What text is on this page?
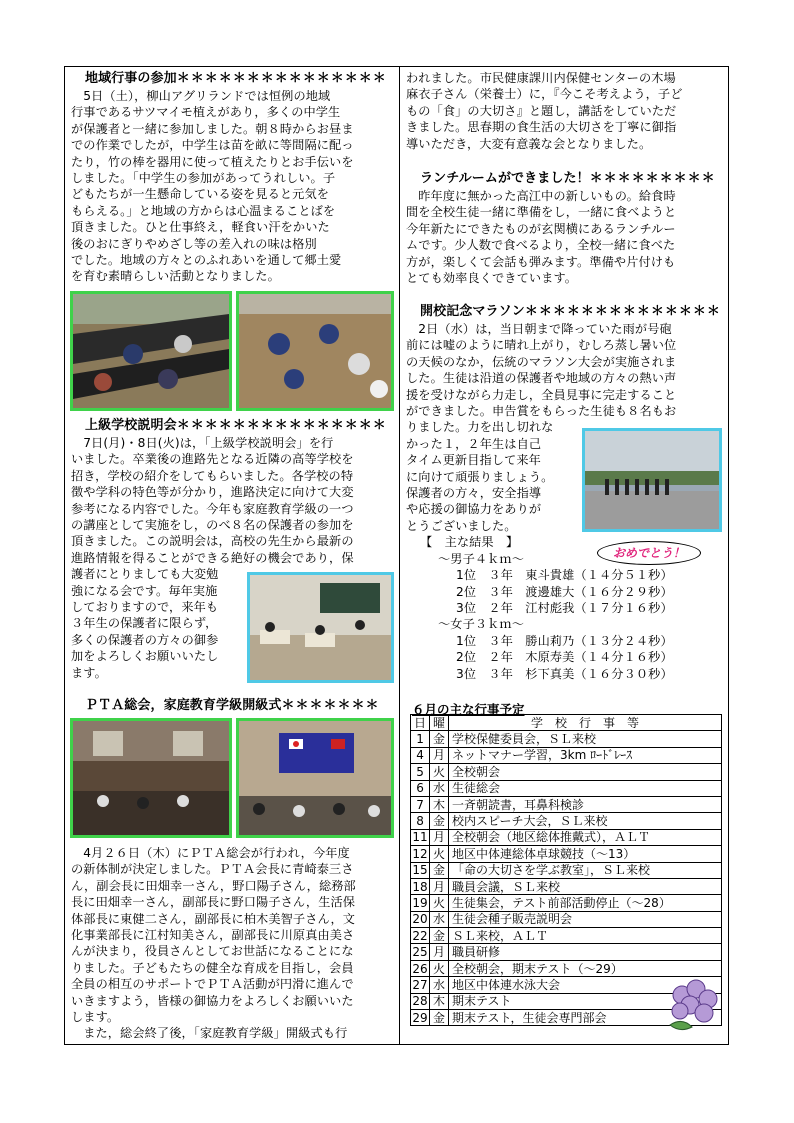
地域行事の参加＊＊＊＊＊＊＊＊＊＊＊＊＊＊＊

5日（土），柳山アグリランドでは恒例の地域

行事であるサツマイモ植えがあり，多くの中学生

が保護者と一緒に参加しました。朝８時からお昼ま

での作業でしたが，中学生は苗を畝に等間隔に配っ

たり，竹の棒を器用に使って植えたりとお手伝いを

しました。「中学生の参加があってうれしい。子

どもたちが一生懸命している姿を見ると元気を

もらえる。」と地域の方からは心温まることばを

頂きました。ひと仕事終え，軽食い汗をかいた

後のおにぎりやめざし等の差入れの味は格別

でした。地域の方々とのふれあいを通して郷土愛

を育む素晴らしい活動となりました。

上級学校説明会＊＊＊＊＊＊＊＊＊＊＊＊＊＊＊

7日(月)・8日(火)は，「上級学校説明会」を行

いました。卒業後の進路先となる近隣の高等学校を

招き，学校の紹介をしてもらいました。各学校の特

徴や学科の特色等が分かり，進路決定に向けて大変

参考になる内容でした。今年も家庭教育学級の一つ

の講座として実施をし，のべ８名の保護者の参加を

頂きました。この説明会は，高校の先生から最新の

進路情報を得ることができる絶好の機会であり，保

護者にとりましても大変勉

強になる会です。毎年実施

しておりますので，来年も

３年生の保護者に限らず，

多くの保護者の方々の御参

加をよろしくお願いいたし

ます。

ＰＴＡ総会，家庭教育学級開級式＊＊＊＊＊＊＊

4月２６日（木）にＰＴＡ総会が行われ，今年度

の新体制が決定しました。ＰＴＡ会長に青崎泰三さ

ん，副会長に田畑幸一さん，野口陽子さん，総務部

長に田畑幸一さん，副部長に野口陽子さん，生活保

体部長に東健二さん，副部長に柏木美智子さん，文

化事業部長に江村知美さん，副部長に川原真由美さ

んが決まり，役員さんとしてお世話になることにな

りました。子どもたちの健全な育成を目指し，会員

全員の相互のサポートでＰＴＡ活動が円滑に進んで

いきますよう，皆様の御協力をよろしくお願いいた

します。

また，総会終了後，「家庭教育学級」開級式も行

われました。市民健康課川内保健センターの木場

麻衣子さん（栄養士）に，『今こそ考えよう，子ど

もの「食」の大切さ』と題し，講話をしていただ

きました。思春期の食生活の大切さを丁寧に御指

導いただき，大変有意義な会となりました。

ランチルームができました！＊＊＊＊＊＊＊＊＊

昨年度に無かった高江中の新しいもの。給食時

間を全校生徒一緒に準備をし，一緒に食べようと

今年新たにできたものが玄関横にあるランチルー

ムです。少人数で食べるより，全校一緒に食べた

方が，楽しくて会話も弾みます。準備や片付けも

とても効率良くできています。

開校記念マラソン＊＊＊＊＊＊＊＊＊＊＊＊＊＊

2日（水）は，当日朝まで降っていた雨が号砲

前には嘘のように晴れ上がり，むしろ蒸し暑い位

の天候のなか，伝統のマラソン大会が実施されま

した。生徒は沿道の保護者や地域の方々の熱い声

援を受けながら力走し，全員見事に完走すること

ができました。申告賞をもらった生徒も８名もお

りました。力を出し切れな

かった１，２年生は自己

タイム更新目指して来年

に向けて頑張りましょう。

保護者の方々，安全指導

や応援の御協力をありが

とうございました。

【　主な結果　】
～男子４ｋｍ～
1位　３年　東斗貴雄（１４分５１秒）
2位　３年　渡邊雄大（１６分２９秒）
3位　２年　江村彪我（１７分１６秒）
～女子３ｋｍ～
1位　３年　勝山莉乃（１３分２４秒）
2位　２年　木原寿美（１４分１６秒）
3位　３年　杉下真美（１６分３０秒）
おめでとう！
６月の主な行事予定
日	曜	学　校　行　事　等
1	金	学校保健委員会，ＳＬ来校
4	月	ネットマナー学習，3km ﾛｰﾄﾞﾚｰｽ
5	火	全校朝会
6	水	生徒総会
7	木	一斉朝読書，耳鼻科検診
8	金	校内スピーチ大会，ＳＬ来校
11	月	全校朝会（地区総体推戴式），ＡＬＴ
12	火	地区中体連総体卓球競技（～13）
15	金	「命の大切さを学ぶ教室」，ＳＬ来校
18	月	職員会議，ＳＬ来校
19	火	生徒集会，テスト前部活動停止（～28）
20	水	生徒会種子販売説明会
22	金	ＳＬ来校，ＡＬＴ
25	月	職員研修
26	火	全校朝会，期末テスト（～29）
27	水	地区中体連水泳大会
28	木	期末テスト
29	金	期末テスト，生徒会専門部会
